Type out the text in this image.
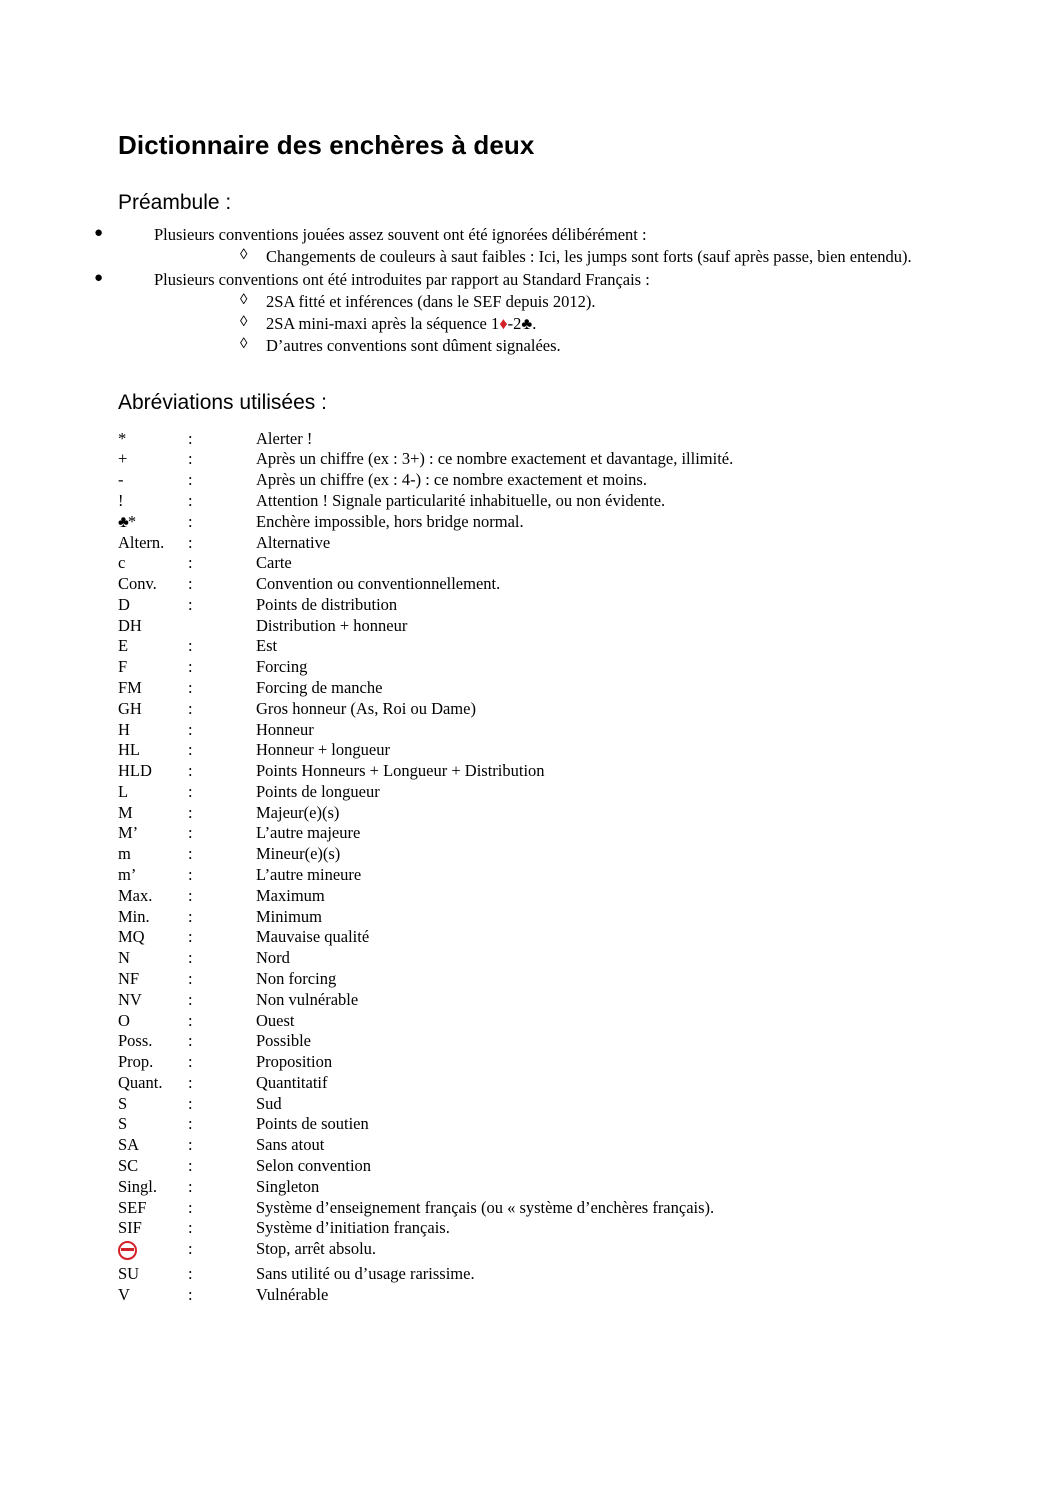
Dictionnaire des enchères à deux
Préambule :
●	Plusieurs conventions jouées assez souvent ont été ignorées délibérément :
◊ Changements de couleurs à saut faibles : Ici, les jumps sont forts (sauf après passe, bien entendu).
●	Plusieurs conventions ont été introduites par rapport au Standard Français :
◊ 2SA fitté et inférences (dans le SEF depuis 2012).
◊ 2SA mini-maxi après la séquence 1♦-2♣.
◊ D’autres conventions sont dûment signalées.
Abréviations utilisées :
*	:	Alerter !
+	:	Après un chiffre (ex : 3+) : ce nombre exactement et davantage, illimité.
-	:	Après un chiffre (ex : 4-) : ce nombre exactement et moins.
!	:	Attention ! Signale particularité inhabituelle, ou non évidente.
♣*	:	Enchère impossible, hors bridge normal.
Altern.	:	Alternative
c	:	Carte
Conv.	:	Convention ou conventionnellement.
D	:	Points de distribution
DH		Distribution + honneur
E	:	Est
F	:	Forcing
FM	:	Forcing de manche
GH	:	Gros honneur (As, Roi ou Dame)
H	:	Honneur
HL	:	Honneur + longueur
HLD	:	Points Honneurs + Longueur + Distribution
L	:	Points de longueur
M	:	Majeur(e)(s)
M’	:	L’autre majeure
m	:	Mineur(e)(s)
m’	:	L’autre mineure
Max.	:	Maximum
Min.	:	Minimum
MQ	:	Mauvaise qualité
N	:	Nord
NF	:	Non forcing
NV	:	Non vulnérable
O	:	Ouest
Poss.	:	Possible
Prop.	:	Proposition
Quant.	:	Quantitatif
S	:	Sud
S	:	Points de soutien
SA	:	Sans atout
SC	:	Selon convention
Singl.	:	Singleton
SEF	:	Système d’enseignement français (ou « système d’enchères français).
SIF	:	Système d’initiation français.
	:	Stop, arrêt absolu.
SU	:	Sans utilité ou d’usage rarissime.
V	:	Vulnérable
